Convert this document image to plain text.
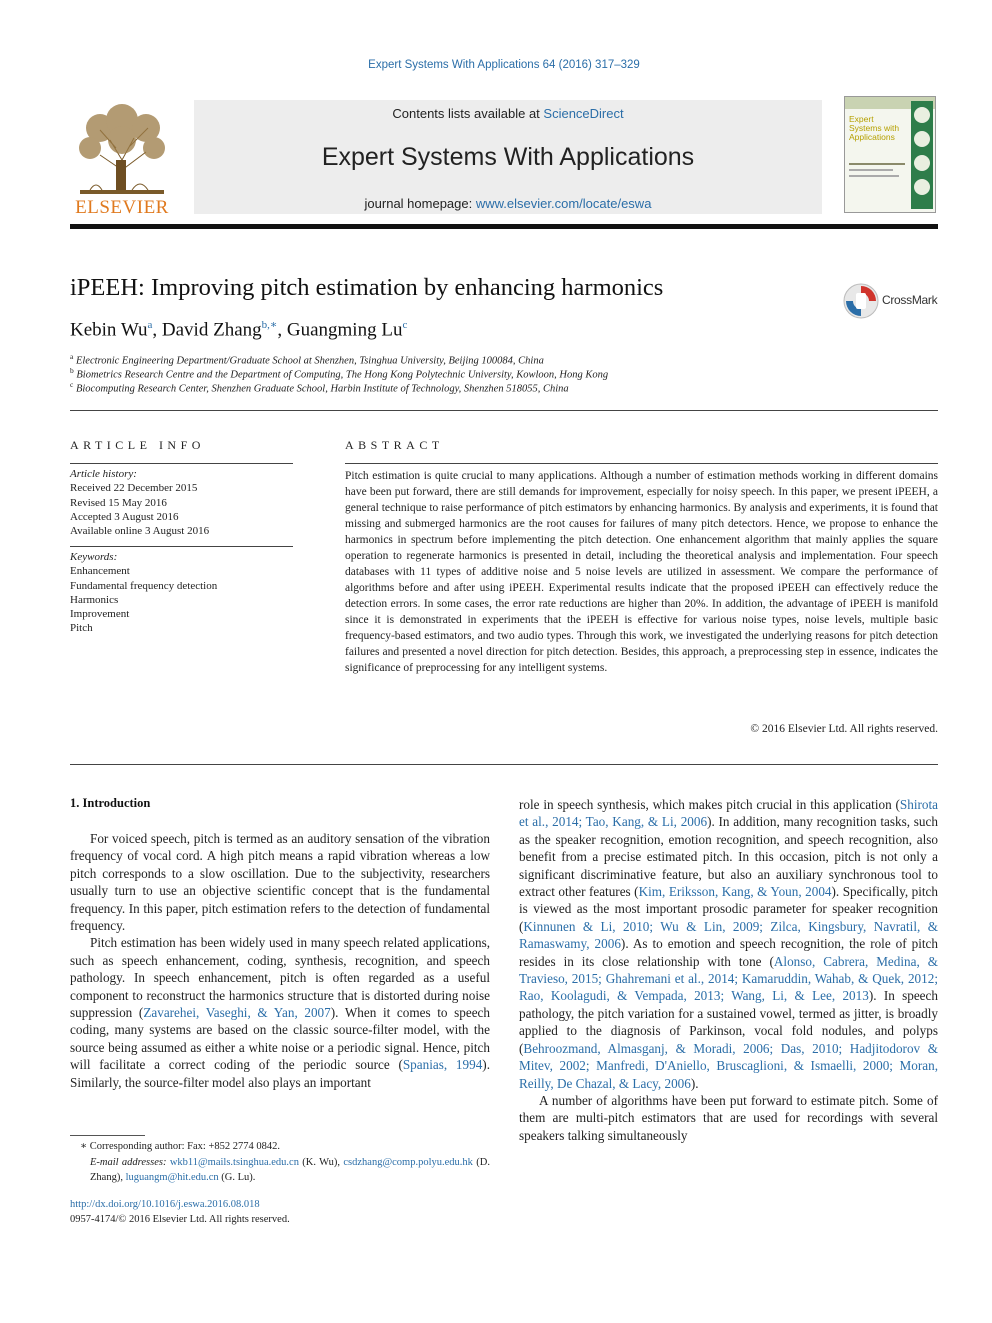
Expert Systems With Applications 64 (2016) 317–329
ELSEVIER
Contents lists available at ScienceDirect
Expert Systems With Applications
journal homepage: www.elsevier.com/locate/eswa
Expert Systems with Applications
iPEEH: Improving pitch estimation by enhancing harmonics	CrossMark
Kebin Wu$^a$, David Zhang$^{b,∗}$, Guangming Lu$^c$
$^a$ Electronic Engineering Department/Graduate School at Shenzhen, Tsinghua University, Beijing 100084, China
$^b$ Biometrics Research Centre and the Department of Computing, The Hong Kong Polytechnic University, Kowloon, Hong Kong
$^c$ Biocomputing Research Center, Shenzhen Graduate School, Harbin Institute of Technology, Shenzhen 518055, China
ARTICLE INFO
Article history:
Received 22 December 2015
Revised 15 May 2016
Accepted 3 August 2016
Available online 3 August 2016
Keywords:
Enhancement
Fundamental frequency detection
Harmonics
Improvement
Pitch
ABSTRACT
Pitch estimation is quite crucial to many applications. Although a number of estimation methods working in different domains have been put forward, there are still demands for improvement, especially for noisy speech. In this paper, we present iPEEH, a general technique to raise performance of pitch estimators by enhancing harmonics. By analysis and experiments, it is found that missing and submerged harmonics are the root causes for failures of many pitch detectors. Hence, we propose to enhance the harmonics in spectrum before implementing the pitch detection. One enhancement algorithm that mainly applies the square operation to regenerate harmonics is presented in detail, including the theoretical analysis and implementation. Four speech databases with 11 types of additive noise and 5 noise levels are utilized in assessment. We compare the performance of algorithms before and after using iPEEH. Experimental results indicate that the proposed iPEEH can effectively reduce the detection errors. In some cases, the error rate reductions are higher than 20%. In addition, the advantage of iPEEH is manifold since it is demonstrated in experiments that the iPEEH is effective for various noise types, noise levels, multiple basic frequency-based estimators, and two audio types. Through this work, we investigated the underlying reasons for pitch detection failures and presented a novel direction for pitch detection. Besides, this approach, a preprocessing step in essence, indicates the significance of preprocessing for any intelligent systems.
© 2016 Elsevier Ltd. All rights reserved.
1. Introduction

For voiced speech, pitch is termed as an auditory sensation of the vibration frequency of vocal cord. A high pitch means a rapid vibration whereas a low pitch corresponds to a slow oscillation. Due to the subjectivity, researchers usually turn to use an objective scientific concept that is the fundamental frequency. In this paper, pitch estimation refers to the detection of fundamental frequency.

Pitch estimation has been widely used in many speech related applications, such as speech enhancement, coding, synthesis, recognition, and speech pathology. In speech enhancement, pitch is often regarded as a useful component to reconstruct the harmonics structure that is distorted during noise suppression (Zavarehei, Vaseghi, & Yan, 2007). When it comes to speech coding, many systems are based on the classic source-filter model, with the source being assumed as either a white noise or a periodic signal. Hence, pitch will facilitate a correct coding of the periodic source (Spanias, 1994). Similarly, the source-filter model also plays an important

role in speech synthesis, which makes pitch crucial in this application (Shirota et al., 2014; Tao, Kang, & Li, 2006). In addition, many recognition tasks, such as the speaker recognition, emotion recognition, and speech recognition, also benefit from a precise estimated pitch. In this occasion, pitch is not only a significant discriminative feature, but also an auxiliary synchronous tool to extract other features (Kim, Eriksson, Kang, & Youn, 2004). Specifically, pitch is viewed as the most important prosodic parameter for speaker recognition (Kinnunen & Li, 2010; Wu & Lin, 2009; Zilca, Kingsbury, Navratil, & Ramaswamy, 2006). As to emotion and speech recognition, the role of pitch resides in its close relationship with tone (Alonso, Cabrera, Medina, & Travieso, 2015; Ghahremani et al., 2014; Kamaruddin, Wahab, & Quek, 2012; Rao, Koolagudi, & Vempada, 2013; Wang, Li, & Lee, 2013). In speech pathology, the pitch variation for a sustained vowel, termed as jitter, is broadly applied to the diagnosis of Parkinson, vocal fold nodules, and polyps (Behroozmand, Almasganj, & Moradi, 2006; Das, 2010; Hadjitodorov & Mitev, 2002; Manfredi, D'Aniello, Bruscaglioni, & Ismaelli, 2000; Moran, Reilly, De Chazal, & Lacy, 2006).

A number of algorithms have been put forward to estimate pitch. Some of them are multi-pitch estimators that are used for recordings with several speakers talking simultaneously

∗ Corresponding author: Fax: +852 2774 0842.
E-mail addresses: wkb11@mails.tsinghua.edu.cn (K. Wu), csdzhang@comp.polyu.edu.hk (D. Zhang), luguangm@hit.edu.cn (G. Lu).
http://dx.doi.org/10.1016/j.eswa.2016.08.018
0957-4174/© 2016 Elsevier Ltd. All rights reserved.
